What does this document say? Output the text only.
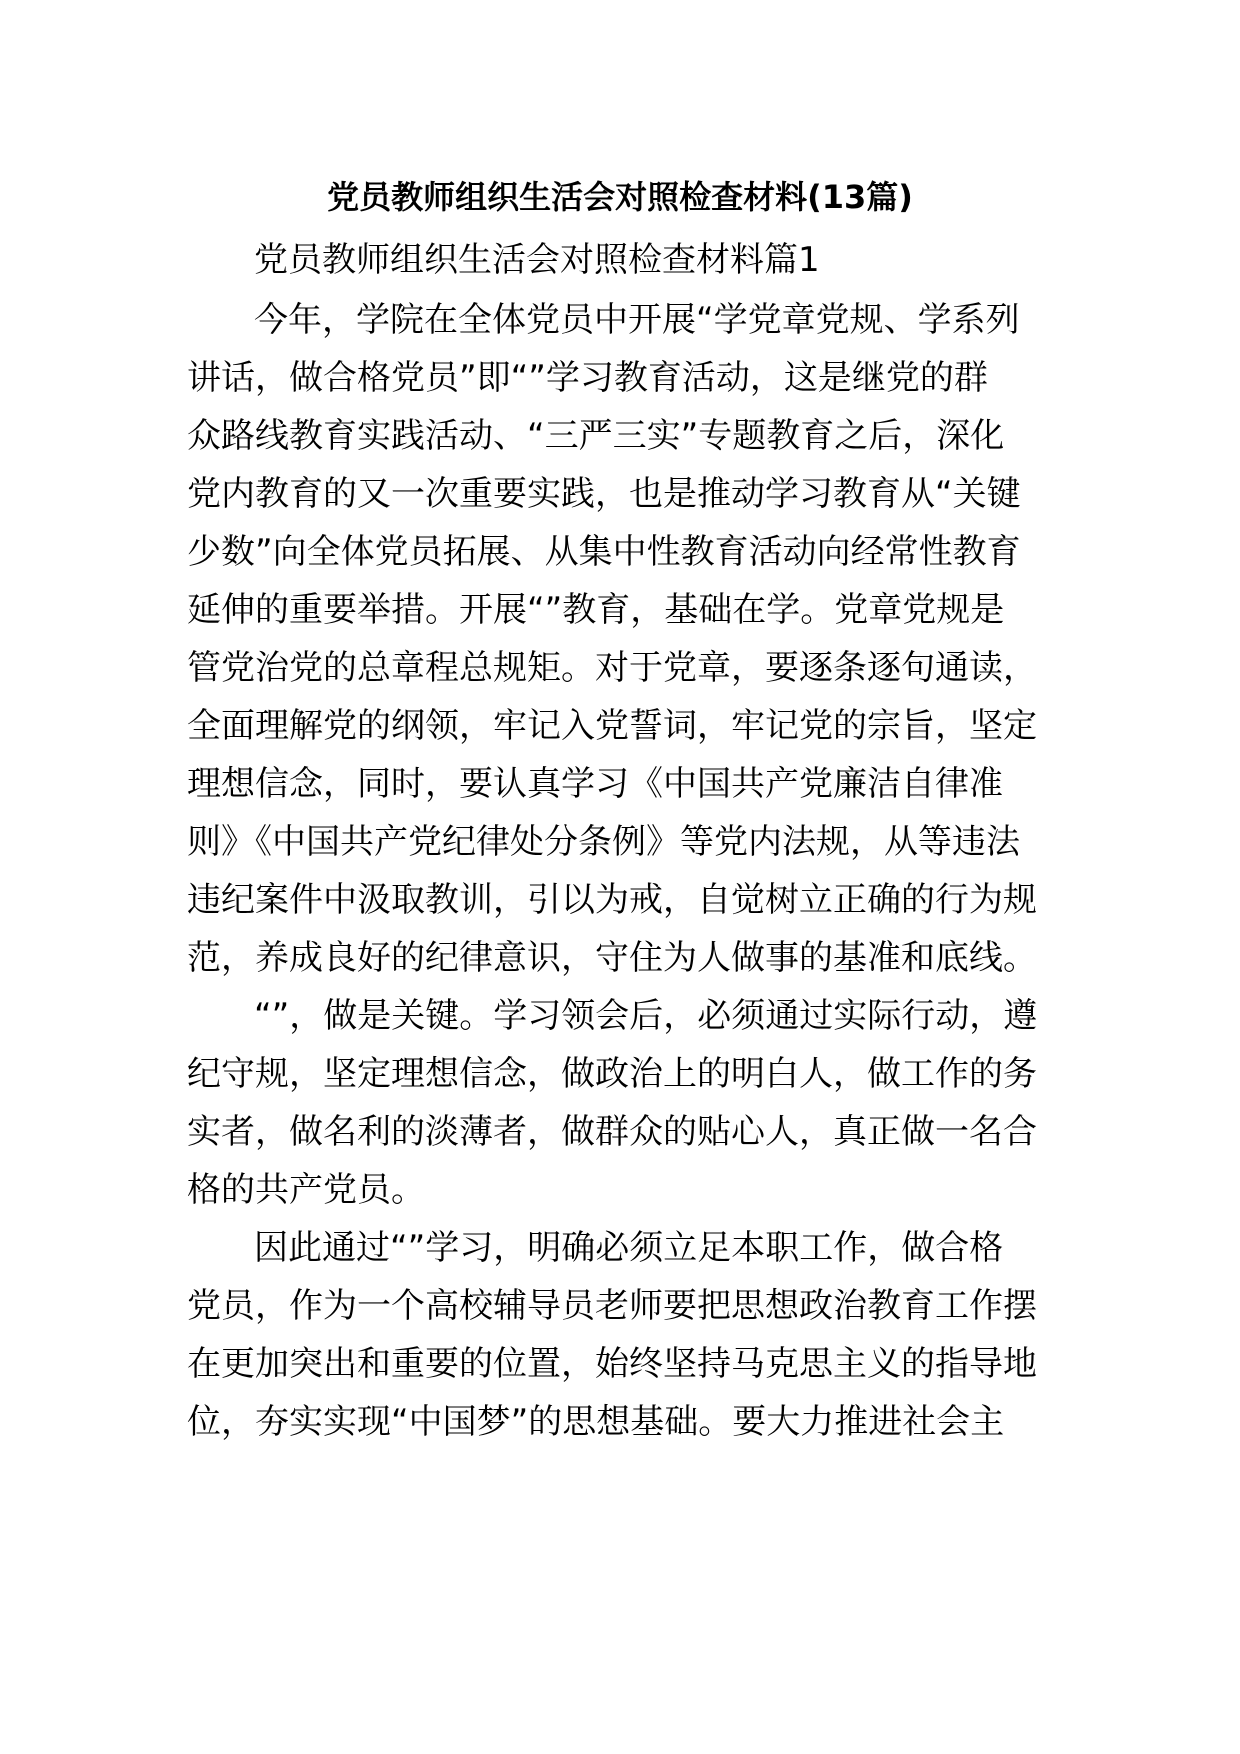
党员教师组织生活会对照检查材料(13篇)

党员教师组织生活会对照检查材料篇1

今年，学院在全体党员中开展“学党章党规、学系列

讲话，做合格党员”即“”学习教育活动，这是继党的群

众路线教育实践活动、“三严三实”专题教育之后，深化

党内教育的又一次重要实践，也是推动学习教育从“关键

少数”向全体党员拓展、从集中性教育活动向经常性教育

延伸的重要举措。开展“”教育，基础在学。党章党规是

管党治党的总章程总规矩。对于党章，要逐条逐句通读，

全面理解党的纲领，牢记入党誓词，牢记党的宗旨，坚定

理想信念，同时，要认真学习《中国共产党廉洁自律准

则》《中国共产党纪律处分条例》等党内法规，从等违法

违纪案件中汲取教训，引以为戒，自觉树立正确的行为规

范，养成良好的纪律意识，守住为人做事的基准和底线。

“”，做是关键。学习领会后，必须通过实际行动，遵

纪守规，坚定理想信念，做政治上的明白人，做工作的务

实者，做名利的淡薄者，做群众的贴心人，真正做一名合

格的共产党员。

因此通过“”学习，明确必须立足本职工作，做合格

党员，作为一个高校辅导员老师要把思想政治教育工作摆

在更加突出和重要的位置，始终坚持马克思主义的指导地

位，夯实实现“中国梦”的思想基础。要大力推进社会主
